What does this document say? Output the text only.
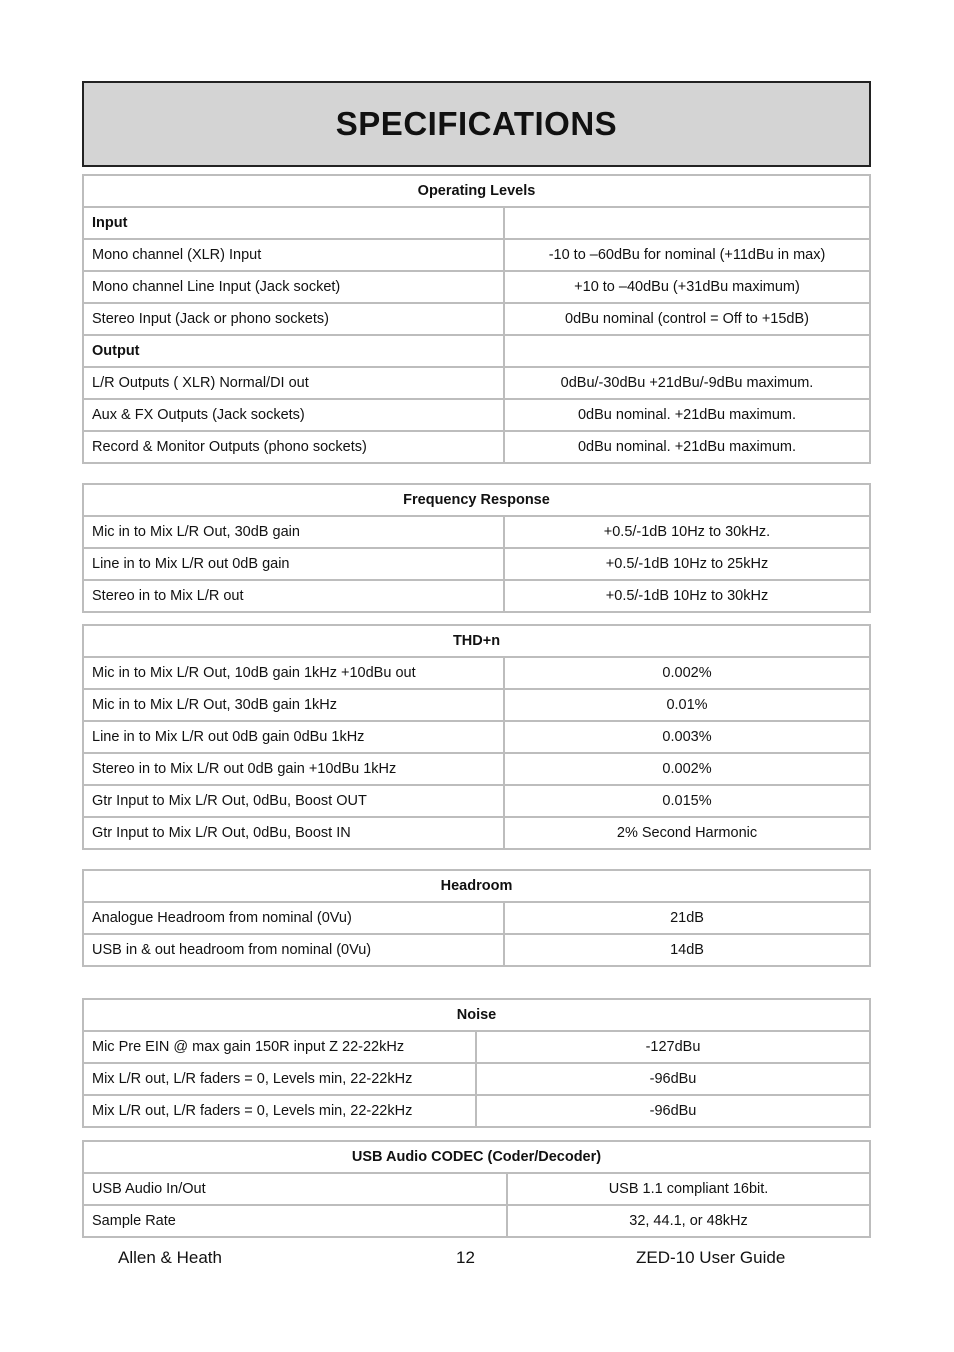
SPECIFICATIONS
Operating Levels	
Input	
Mono channel (XLR) Input	-10 to –60dBu for nominal (+11dBu in max)
Mono channel Line Input (Jack socket)	+10 to –40dBu (+31dBu maximum)
Stereo Input (Jack or phono sockets)	0dBu nominal (control = Off to +15dB)
Output	
L/R Outputs ( XLR) Normal/DI out	0dBu/-30dBu +21dBu/-9dBu maximum.
Aux & FX Outputs (Jack sockets)	0dBu nominal. +21dBu maximum.
Record & Monitor Outputs (phono sockets)	0dBu nominal. +21dBu maximum.
Frequency Response	
Mic in to Mix L/R Out, 30dB gain	+0.5/-1dB 10Hz to 30kHz.
Line in to Mix L/R out 0dB gain	+0.5/-1dB 10Hz to 25kHz
Stereo in to Mix L/R out	+0.5/-1dB 10Hz to 30kHz
THD+n	
Mic in to Mix L/R Out, 10dB gain 1kHz +10dBu out	0.002%
Mic in to Mix L/R Out, 30dB gain 1kHz	0.01%
Line in to Mix L/R out 0dB gain 0dBu 1kHz	0.003%
Stereo in to Mix L/R out 0dB gain +10dBu 1kHz	0.002%
Gtr Input to Mix L/R Out, 0dBu, Boost OUT	0.015%
Gtr Input to Mix L/R Out, 0dBu, Boost IN	2% Second Harmonic
Headroom	
Analogue Headroom from nominal (0Vu)	21dB
USB in & out headroom from nominal (0Vu)	14dB
Noise	
Mic Pre EIN @ max gain 150R input Z 22-22kHz	-127dBu
Mix L/R out, L/R faders = 0, Levels min, 22-22kHz	-96dBu
Mix L/R out, L/R faders = 0, Levels min, 22-22kHz	-96dBu
USB Audio CODEC (Coder/Decoder)	
USB Audio In/Out	USB 1.1 compliant 16bit.
Sample Rate	32, 44.1, or 48kHz
Allen & Heath	12	ZED-10 User Guide
